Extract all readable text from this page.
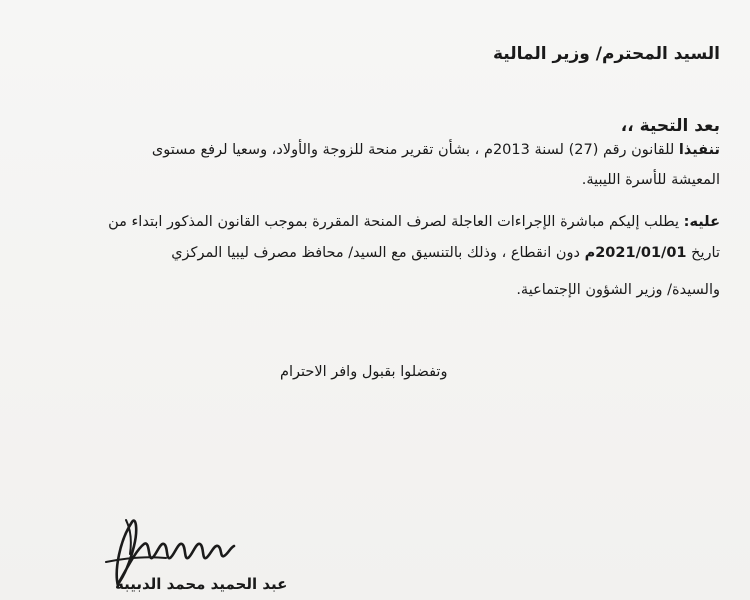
السيد المحترم/ وزير المالية
بعد التحية ،،
تنفيذا للقانون رقم (27) لسنة 2013م ، بشأن تقرير منحة للزوجة والأولاد، وسعيا لرفع مستوى
المعيشة للأسرة الليبية.
عليه: يطلب إليكم مباشرة الإجراءات العاجلة لصرف المنحة المقررة بموجب القانون المذكور ابتداء من
تاريخ 2021/01/01م دون انقطاع ، وذلك بالتنسيق مع السيد/ محافظ مصرف ليبيا المركزي
والسيدة/ وزير الشؤون الإجتماعية.
وتفضلوا بقبول وافر الاحترام
عبد الحميد محمد الدبيبة
